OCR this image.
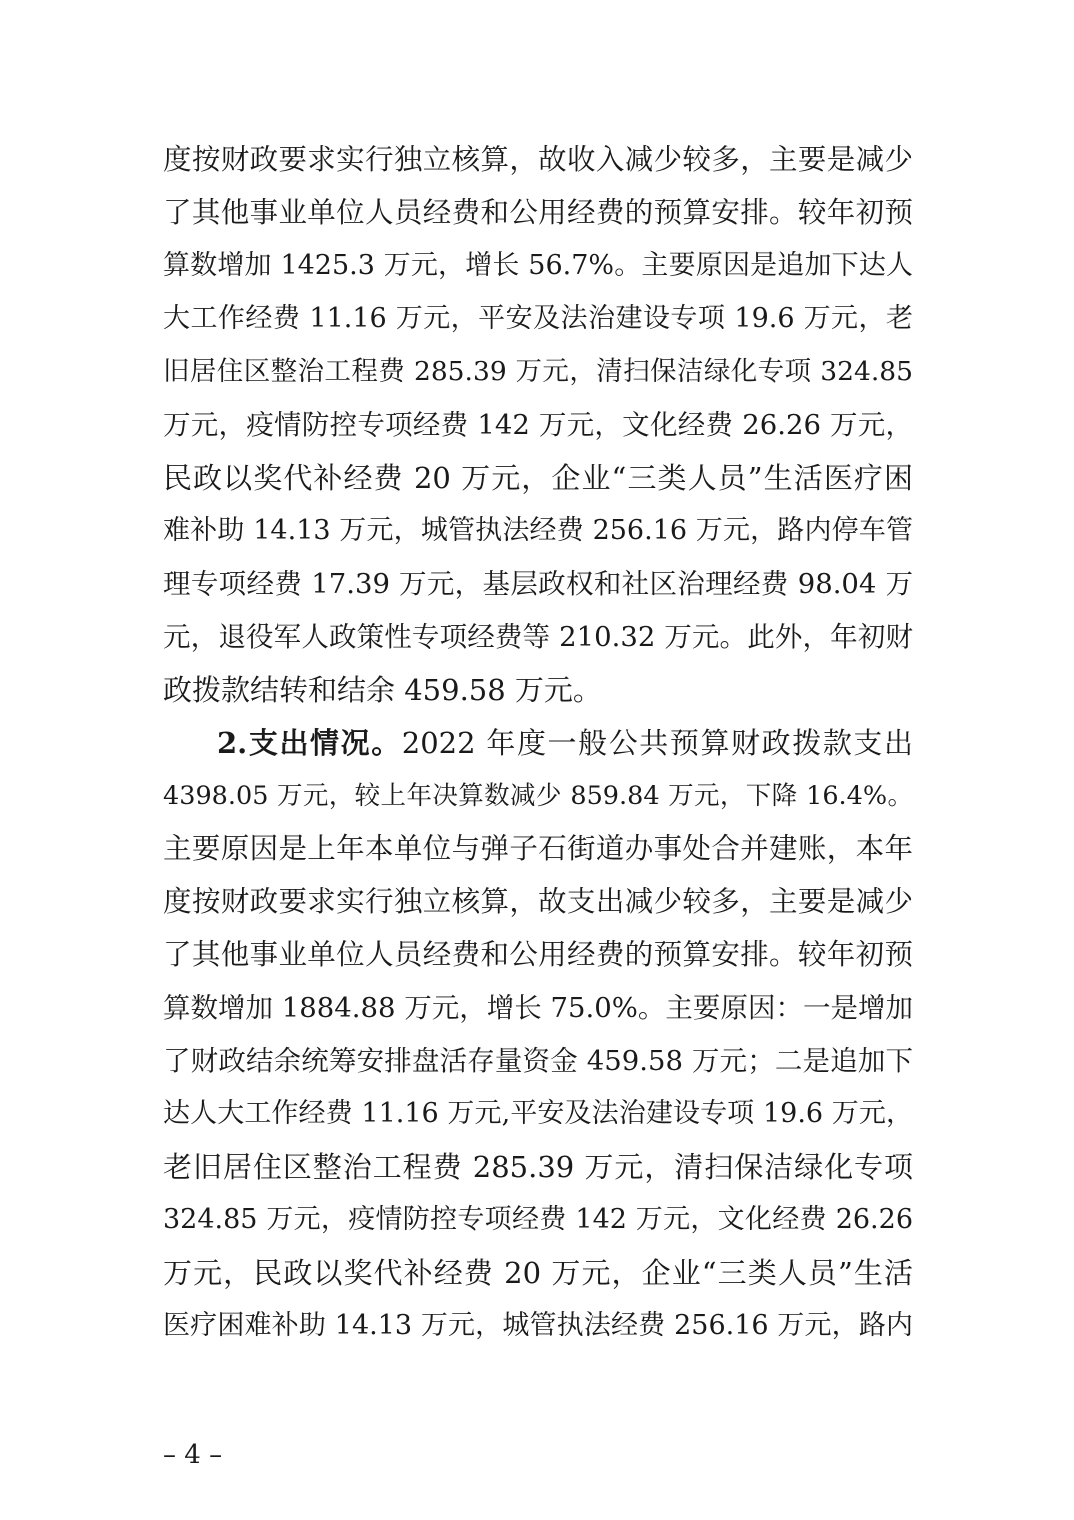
度按财政要求实行独立核算，故收入减少较多，主要是减少
了其他事业单位人员经费和公用经费的预算安排。较年初预
算数增加 1425.3 万元，增长 56.7%。主要原因是追加下达人
大工作经费 11.16 万元，平安及法治建设专项 19.6 万元，老
旧居住区整治工程费 285.39 万元，清扫保洁绿化专项 324.85
万元，疫情防控专项经费 142 万元，文化经费 26.26 万元，
民政以奖代补经费 20 万元，企业“三类人员”生活医疗困
难补助 14.13 万元，城管执法经费 256.16 万元，路内停车管
理专项经费 17.39 万元，基层政权和社区治理经费 98.04 万
元，退役军人政策性专项经费等 210.32 万元。此外，年初财
政拨款结转和结余 459.58 万元。
2.支出情况。2022 年度一般公共预算财政拨款支出
4398.05 万元，较上年决算数减少 859.84 万元，下降 16.4%。
主要原因是上年本单位与弹子石街道办事处合并建账，本年
度按财政要求实行独立核算，故支出减少较多，主要是减少
了其他事业单位人员经费和公用经费的预算安排。较年初预
算数增加 1884.88 万元，增长 75.0%。主要原因：一是增加
了财政结余统筹安排盘活存量资金 459.58 万元；二是追加下
达人大工作经费 11.16 万元,平安及法治建设专项 19.6 万元，
老旧居住区整治工程费 285.39 万元，清扫保洁绿化专项
324.85 万元，疫情防控专项经费 142 万元，文化经费 26.26
万元，民政以奖代补经费 20 万元，企业“三类人员”生活
医疗困难补助 14.13 万元，城管执法经费 256.16 万元，路内
– 4 –
